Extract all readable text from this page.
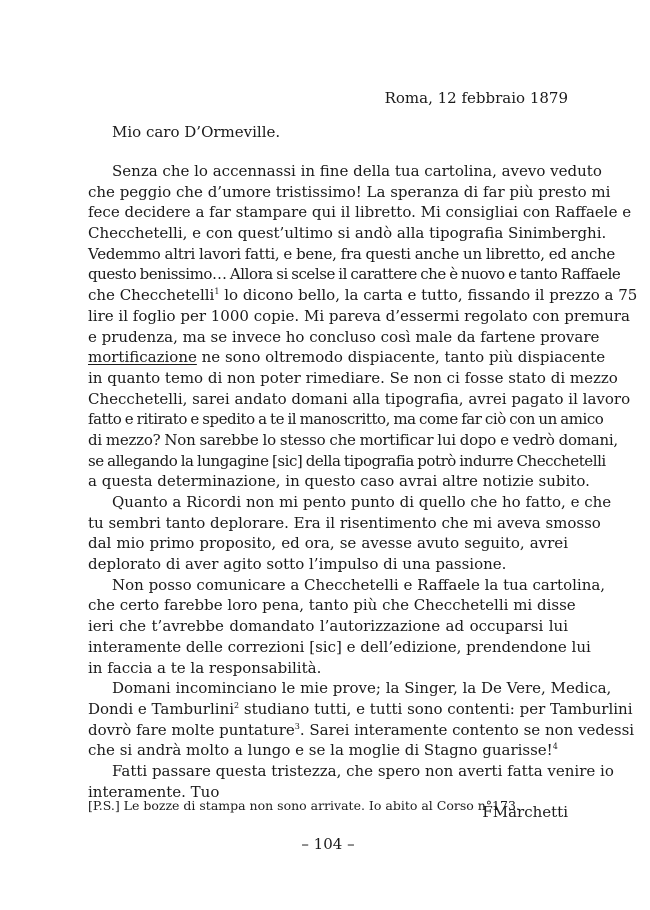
Roma, 12 febbraio 1879
Mio caro D’Ormeville.
Senza che lo accennassi in fine della tua cartolina, avevo veduto
che peggio che d’umore tristissimo! La speranza di far più presto mi
fece decidere a far stampare qui il libretto. Mi consigliai con Raffaele e
Checchetelli, e con quest’ultimo si andò alla tipografia Sinimberghi.
Vedemmo altri lavori fatti, e bene, fra questi anche un libretto, ed anche
questo benissimo… Allora si scelse il carattere che è nuovo e tanto Raffaele
che Checchetelli$^1$ lo dicono bello, la carta e tutto, fissando il prezzo a 75
lire il foglio per 1000 copie. Mi pareva d’essermi regolato con premura
e prudenza, ma se invece ho concluso così male da fartene provare
mortificazione ne sono oltremodo dispiacente, tanto più dispiacente
in quanto temo di non poter rimediare. Se non ci fosse stato di mezzo
Checchetelli, sarei andato domani alla tipografia, avrei pagato il lavoro
fatto e ritirato e spedito a te il manoscritto, ma come far ciò con un amico
di mezzo? Non sarebbe lo stesso che mortificar lui dopo e vedrò domani,
se allegando la lungagine [sic] della tipografia potrò indurre Checchetelli
a questa determinazione, in questo caso avrai altre notizie subito.
Quanto a Ricordi non mi pento punto di quello che ho fatto, e che
tu sembri tanto deplorare. Era il risentimento che mi aveva smosso
dal mio primo proposito, ed ora, se avesse avuto seguito, avrei
deplorato di aver agito sotto l’impulso di una passione.
Non posso comunicare a Checchetelli e Raffaele la tua cartolina,
che certo farebbe loro pena, tanto più che Checchetelli mi disse
ieri che t’avrebbe domandato l’autorizzazione ad occuparsi lui
interamente delle correzioni [sic] e dell’edizione, prendendone lui
in faccia a te la responsabilità.
Domani incominciano le mie prove; la Singer, la De Vere, Medica,
Dondi e Tamburlini$^2$ studiano tutti, e tutti sono contenti: per Tamburlini
dovrò fare molte puntature$^3$. Sarei interamente contento se non vedessi
che si andrà molto a lungo e se la moglie di Stagno guarisse!$^4$
Fatti passare questa tristezza, che spero non averti fatta venire io
interamente. Tuo
FMarchetti
[P.S.] Le bozze di stampa non sono arrivate. Io abito al Corso n°173.
– 104 –
